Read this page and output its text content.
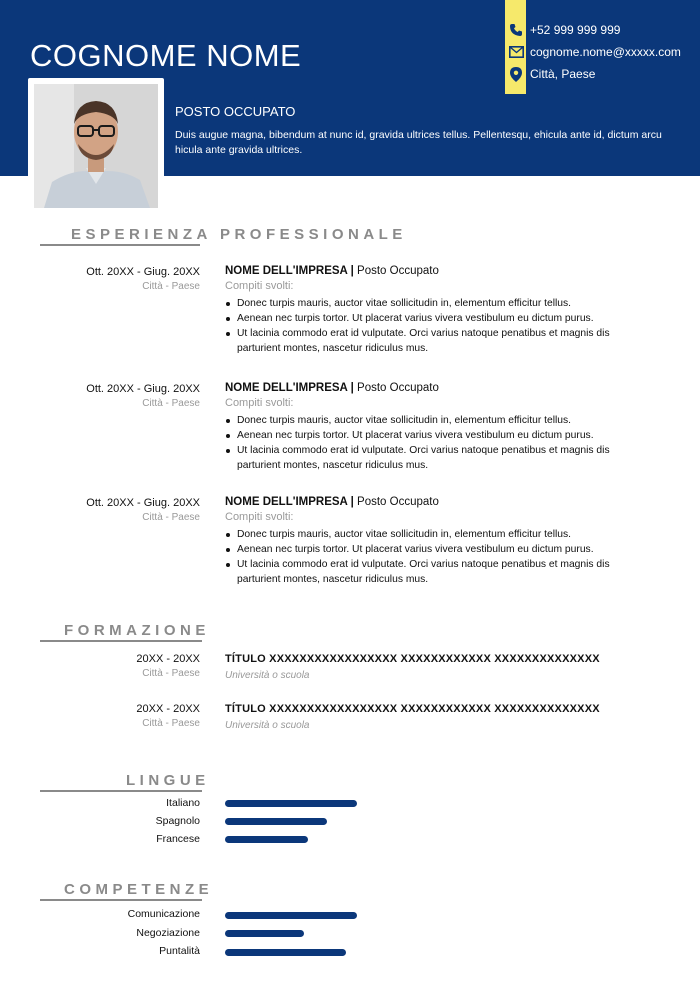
COGNOME NOME
POSTO OCCUPATO
Duis augue magna, bibendum at nunc id, gravida ultrices tellus. Pellentesqu, ehicula ante id, dictum arcu hicula ante gravida ultrices.
+52 999 999 999
cognome.nome@xxxxx.com
Città, Paese
ESPERIENZA PROFESSIONALE
Ott. 20XX - Giug. 20XX
Città - Paese
NOME DELL'IMPRESA | Posto Occupato
Compiti svolti:
Donec turpis mauris, auctor vitae sollicitudin in, elementum efficitur tellus.
Aenean nec turpis tortor. Ut placerat varius vivera vestibulum eu dictum purus.
Ut lacinia commodo erat id vulputate. Orci varius natoque penatibus et magnis dis parturient montes, nascetur ridiculus mus.
Ott. 20XX - Giug. 20XX
Città - Paese
NOME DELL'IMPRESA | Posto Occupato
Compiti svolti:
Donec turpis mauris, auctor vitae sollicitudin in, elementum efficitur tellus.
Aenean nec turpis tortor. Ut placerat varius vivera vestibulum eu dictum purus.
Ut lacinia commodo erat id vulputate. Orci varius natoque penatibus et magnis dis parturient montes, nascetur ridiculus mus.
Ott. 20XX - Giug. 20XX
Città - Paese
NOME DELL'IMPRESA | Posto Occupato
Compiti svolti:
Donec turpis mauris, auctor vitae sollicitudin in, elementum efficitur tellus.
Aenean nec turpis tortor. Ut placerat varius vivera vestibulum eu dictum purus.
Ut lacinia commodo erat id vulputate. Orci varius natoque penatibus et magnis dis parturient montes, nascetur ridiculus mus.
FORMAZIONE
20XX - 20XX
Città - Paese
TÍTULO XXXXXXXXXXXXXXXXX XXXXXXXXXXXX XXXXXXXXXXXXXX
Università o scuola
20XX - 20XX
Città - Paese
TÍTULO XXXXXXXXXXXXXXXXX XXXXXXXXXXXX XXXXXXXXXXXXXX
Università o scuola
LINGUE
Italiano
Spagnolo
Francese
COMPETENZE
Comunicazione
Negoziazione
Puntalità
